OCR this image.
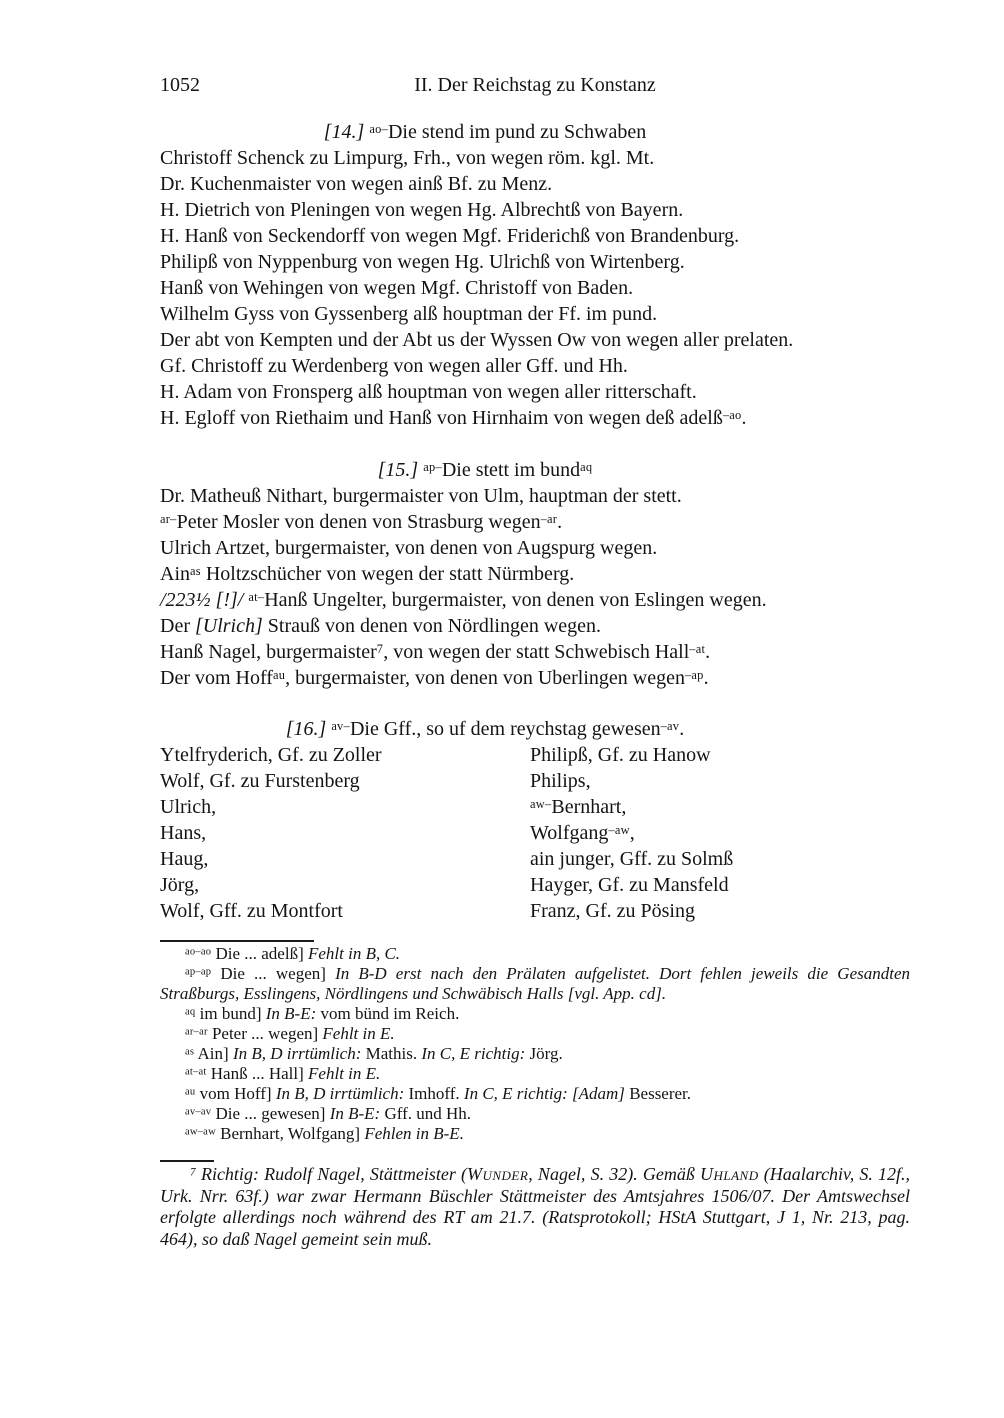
1052	II. Der Reichstag zu Konstanz
[14.] $^{ao-}$Die stend im pund zu Schwaben
Christoff Schenck zu Limpurg, Frh., von wegen röm. kgl. Mt.
Dr. Kuchenmaister von wegen ainß Bf. zu Menz.
H. Dietrich von Pleningen von wegen Hg. Albrechtß von Bayern.
H. Hanß von Seckendorff von wegen Mgf. Friderichß von Brandenburg.
Philipß von Nyppenburg von wegen Hg. Ulrichß von Wirtenberg.
Hanß von Wehingen von wegen Mgf. Christoff von Baden.
Wilhelm Gyss von Gyssenberg alß houptman der Ff. im pund.
Der abt von Kempten und der Abt us der Wyssen Ow von wegen aller prelaten.
Gf. Christoff zu Werdenberg von wegen aller Gff. und Hh.
H. Adam von Fronsperg alß houptman von wegen aller ritterschaft.
H. Egloff von Riethaim und Hanß von Hirnhaim von wegen deß adelß$^{-ao}$.
[15.] $^{ap-}$Die stett im bund$^{aq}$
Dr. Matheuß Nithart, burgermaister von Ulm, hauptman der stett.
$^{ar-}$Peter Mosler von denen von Strasburg wegen$^{-ar}$.
Ulrich Artzet, burgermaister, von denen von Augspurg wegen.
Ain$^{as}$ Holtzschücher von wegen der statt Nürmberg.
/223½ [!]/ $^{at-}$Hanß Ungelter, burgermaister, von denen von Eslingen wegen.
Der [Ulrich] Strauß von denen von Nördlingen wegen.
Hanß Nagel, burgermaister$^7$, von wegen der statt Schwebisch Hall$^{-at}$.
Der vom Hoff$^{au}$, burgermaister, von denen von Uberlingen wegen$^{-ap}$.
[16.] $^{av-}$Die Gff., so uf dem reychstag gewesen$^{-av}$.
Ytelfryderich, Gf. zu Zoller
Wolf, Gf. zu Furstenberg
Ulrich,
Hans,
Haug,
Jörg,
Wolf, Gff. zu Montfort
Philipß, Gf. zu Hanow
Philips,
$^{aw-}$Bernhart,
Wolfgang$^{-aw}$,
ain junger, Gff. zu Solmß
Hayger, Gf. zu Mansfeld
Franz, Gf. zu Pösing
$^{ao-ao}$ Die ... adelß] Fehlt in B, C.
$^{ap-ap}$ Die ... wegen] In B-D erst nach den Prälaten aufgelistet. Dort fehlen jeweils die Gesandten Straßburgs, Esslingens, Nördlingens und Schwäbisch Halls [vgl. App. cd].
$^{aq}$ im bund] In B-E: vom bünd im Reich.
$^{ar-ar}$ Peter ... wegen] Fehlt in E.
$^{as}$ Ain] In B, D irrtümlich: Mathis. In C, E richtig: Jörg.
$^{at-at}$ Hanß ... Hall] Fehlt in E.
$^{au}$ vom Hoff] In B, D irrtümlich: Imhoff. In C, E richtig: [Adam] Besserer.
$^{av-av}$ Die ... gewesen] In B-E: Gff. und Hh.
$^{aw-aw}$ Bernhart, Wolfgang] Fehlen in B-E.
$^7$ Richtig: Rudolf Nagel, Stättmeister (Wunder, Nagel, S. 32). Gemäß Uhland (Haalarchiv, S. 12f., Urk. Nrr. 63f.) war zwar Hermann Büschler Stättmeister des Amtsjahres 1506/07. Der Amtswechsel erfolgte allerdings noch während des RT am 21.7. (Ratsprotokoll; HStA Stuttgart, J 1, Nr. 213, pag. 464), so daß Nagel gemeint sein muß.
